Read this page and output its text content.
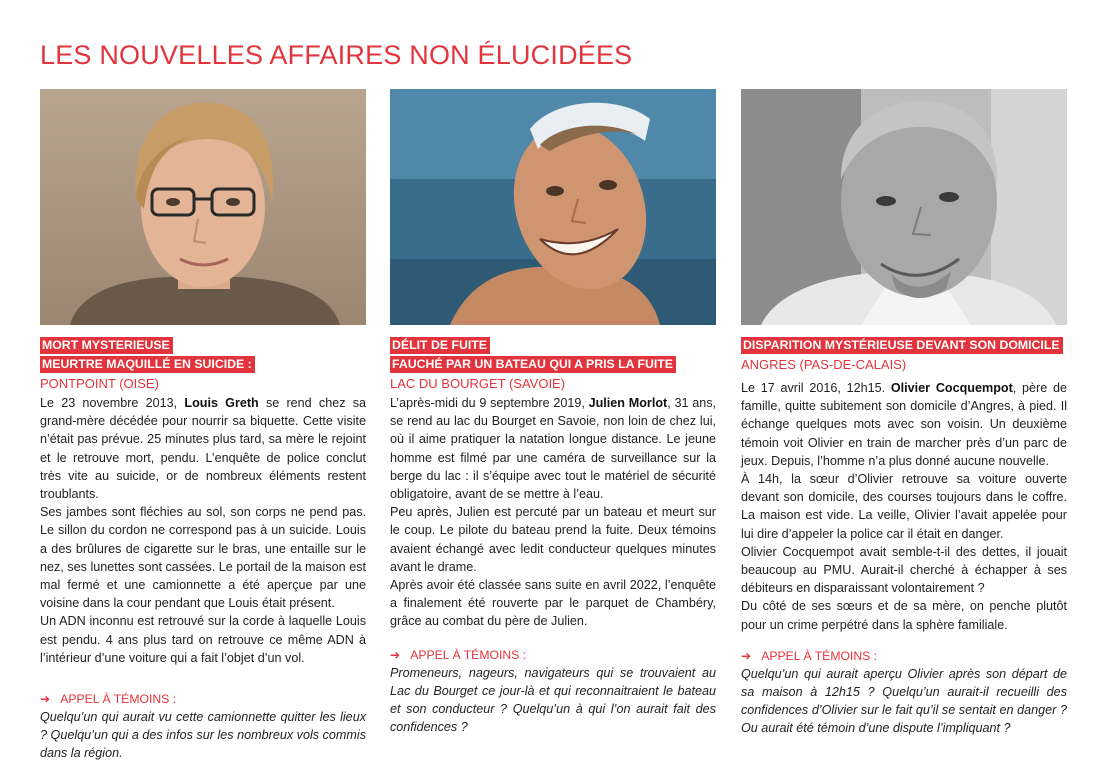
LES NOUVELLES AFFAIRES NON ÉLUCIDÉES
MORT MYSTERIEUSE
MEURTRE MAQUILLÉ EN SUICIDE :
PONTPOINT (OISE)

Le 23 novembre 2013, Louis Greth se rend chez sa grand-mère décédée pour nourrir sa biquette. Cette visite n’était pas prévue. 25 minutes plus tard, sa mère le rejoint et le retrouve mort, pendu. L’enquête de police conclut très vite au suicide, or de nombreux éléments restent troublants.

Ses jambes sont fléchies au sol, son corps ne pend pas. Le sillon du cordon ne correspond pas à un suicide. Louis a des brûlures de cigarette sur le bras, une entaille sur le nez, ses lunettes sont cassées. Le portail de la maison est mal fermé et une camionnette a été aperçue par une voisine dans la cour pendant que Louis était présent.

Un ADN inconnu est retrouvé sur la corde à laquelle Louis est pendu. 4 ans plus tard on retrouve ce même ADN à l’intérieur d’une voiture qui a fait l’objet d’un vol.

➔ APPEL À TÉMOINS :
Quelqu’un qui aurait vu cette camionnette quitter les lieux ? Quelqu’un qui a des infos sur les nombreux vols commis dans la région.
DÉLIT DE FUITE
FAUCHÉ PAR UN BATEAU QUI A PRIS LA FUITE
LAC DU BOURGET (SAVOIE)

L’après-midi du 9 septembre 2019, Julien Morlot, 31 ans, se rend au lac du Bourget en Savoie, non loin de chez lui, où il aime pratiquer la natation longue distance. Le jeune homme est filmé par une caméra de surveillance sur la berge du lac : il s’équipe avec tout le matériel de sécurité obligatoire, avant de se mettre à l’eau.

Peu après, Julien est percuté par un bateau et meurt sur le coup. Le pilote du bateau prend la fuite. Deux témoins avaient échangé avec ledit conducteur quelques minutes avant le drame.

Après avoir été classée sans suite en avril 2022, l’enquête a finalement été rouverte par le parquet de Chambéry, grâce au combat du père de Julien.

➔ APPEL À TÉMOINS :
Promeneurs, nageurs, navigateurs qui se trouvaient au Lac du Bourget ce jour-là et qui reconnaitraient le bateau et son conducteur ? Quelqu’un à qui l’on aurait fait des confidences ?
DISPARITION MYSTÉRIEUSE DEVANT SON DOMICILE
ANGRES (PAS-DE-CALAIS)

Le 17 avril 2016, 12h15. Olivier Cocquempot, père de famille, quitte subitement son domicile d’Angres, à pied. Il échange quelques mots avec son voisin. Un deuxième témoin voit Olivier en train de marcher près d’un parc de jeux. Depuis, l’homme n’a plus donné aucune nouvelle.

À 14h, la sœur d’Olivier retrouve sa voiture ouverte devant son domicile, des courses toujours dans le coffre. La maison est vide. La veille, Olivier l’avait appelée pour lui dire d’appeler la police car il était en danger.

Olivier Cocquempot avait semble-t-il des dettes, il jouait beaucoup au PMU. Aurait-il cherché à échapper à ses débiteurs en disparaissant volontairement ?

Du côté de ses sœurs et de sa mère, on penche plutôt pour un crime perpétré dans la sphère familiale.

➔ APPEL À TÉMOINS :
Quelqu’un qui aurait aperçu Olivier après son départ de sa maison à 12h15 ? Quelqu’un aurait-il recueilli des confidences d’Olivier sur le fait qu’il se sentait en danger ? Ou aurait été témoin d’une dispute l’impliquant ?
